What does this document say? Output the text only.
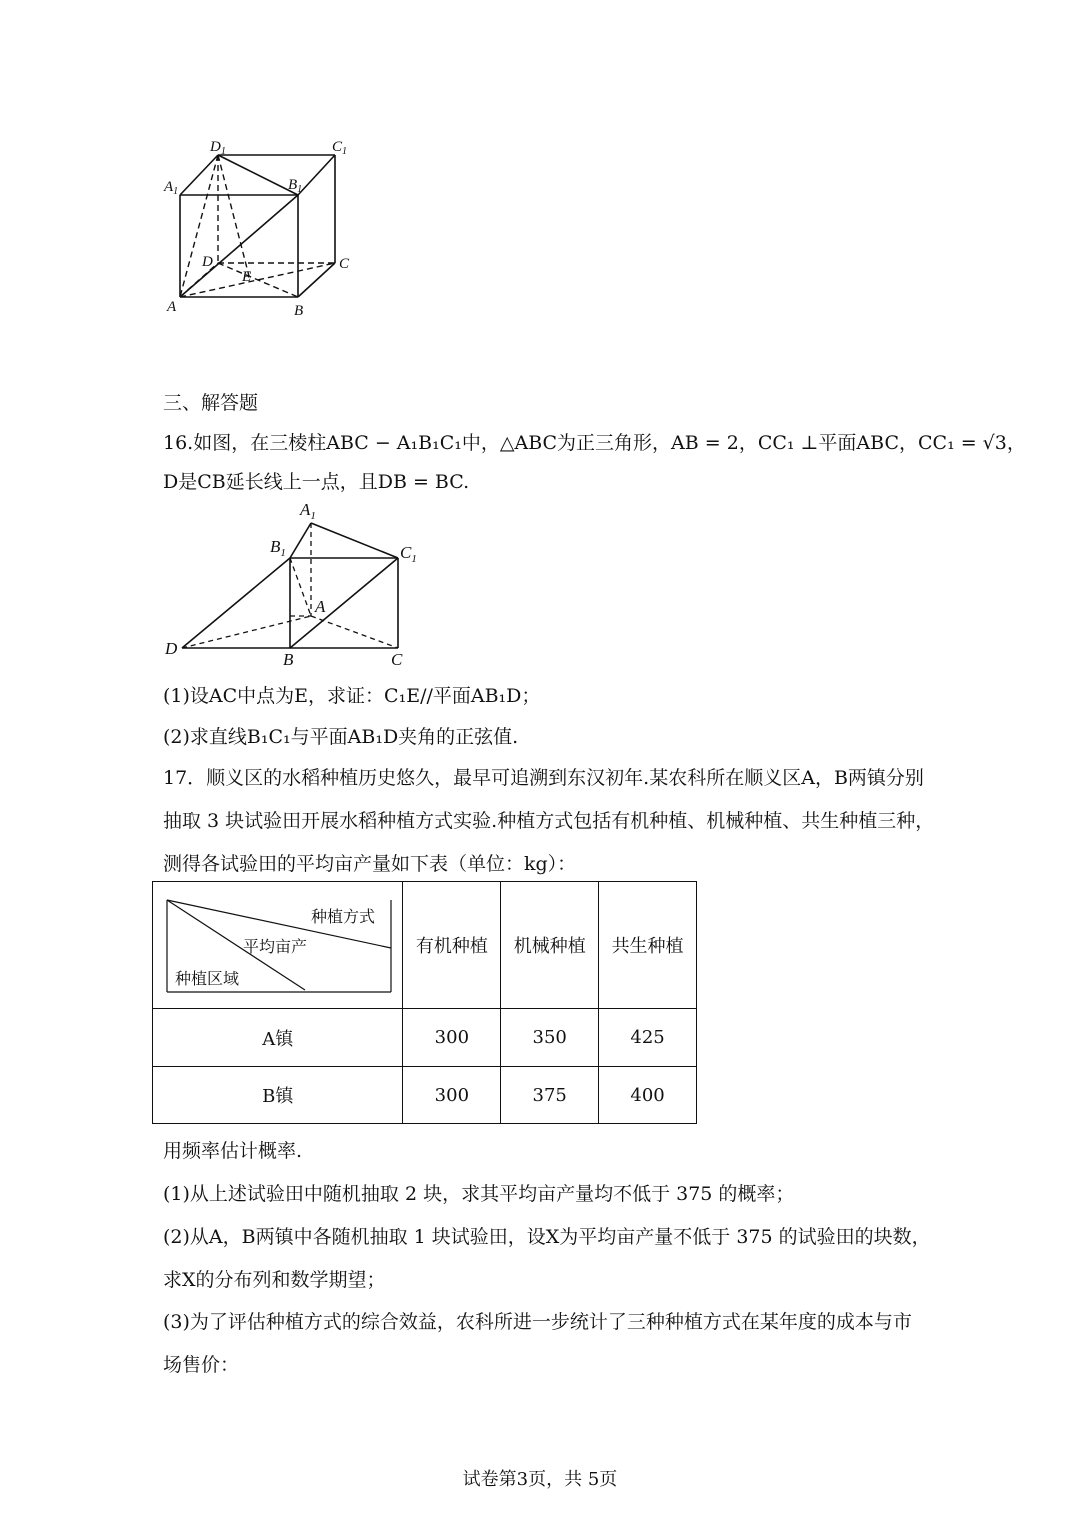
$D_1$	$C_1$
$A_1$	$B_1$
D
E
C
A	B
三、解答题
16.如图，在三棱柱ABC − A₁B₁C₁中，△ABC为正三角形，AB = 2，CC₁ ⊥平面ABC，CC₁ = √3，
D是CB延长线上一点，且DB = BC.
$A_1$
$B_1$	$C_1$
A
D
B	C
(1)设AC中点为E，求证：C₁E//平面AB₁D；
(2)求直线B₁C₁与平面AB₁D夹角的正弦值.
17．顺义区的水稻种植历史悠久，最早可追溯到东汉初年.某农科所在顺义区A，B两镇分别
抽取 3 块试验田开展水稻种植方式实验.种植方式包括有机种植、机械种植、共生种植三种，
测得各试验田的平均亩产量如下表（单位：kg）：
种植方式
平均亩产
种植区域	有机种植	机械种植	共生种植
A镇	300	350	425
B镇	300	375	400
用频率估计概率.
(1)从上述试验田中随机抽取 2 块，求其平均亩产量均不低于 375 的概率；
(2)从A，B两镇中各随机抽取 1 块试验田，设X为平均亩产量不低于 375 的试验田的块数，
求X的分布列和数学期望；
(3)为了评估种植方式的综合效益，农科所进一步统计了三种种植方式在某年度的成本与市
场售价：
试卷第3页，共 5页
